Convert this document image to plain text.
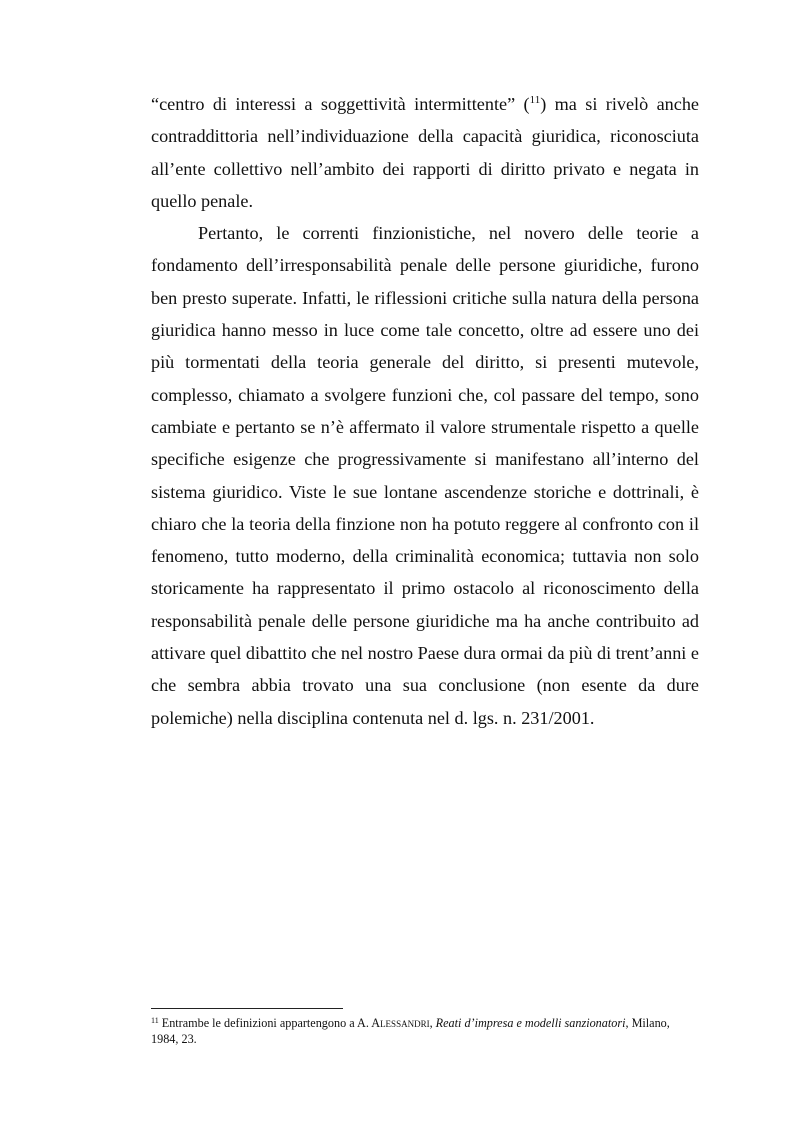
“centro di interessi a soggettività intermittente” ($^{11}$) ma si rivelò anche contraddittoria nell’individuazione della capacità giuridica, riconosciuta all’ente collettivo nell’ambito dei rapporti di diritto privato e negata in quello penale.

Pertanto, le correnti finzionistiche, nel novero delle teorie a fondamento dell’irresponsabilità penale delle persone giuridiche, furono ben presto superate. Infatti, le riflessioni critiche sulla natura della persona giuridica hanno messo in luce come tale concetto, oltre ad essere uno dei più tormentati della teoria generale del diritto, si presenti mutevole, complesso, chiamato a svolgere funzioni che, col passare del tempo, sono cambiate e pertanto se n’è affermato il valore strumentale rispetto a quelle specifiche esigenze che progressivamente si manifestano all’interno del sistema giuridico. Viste le sue lontane ascendenze storiche e dottrinali, è chiaro che la teoria della finzione non ha potuto reggere al confronto con il fenomeno, tutto moderno, della criminalità economica; tuttavia non solo storicamente ha rappresentato il primo ostacolo al riconoscimento della responsabilità penale delle persone giuridiche ma ha anche contribuito ad attivare quel dibattito che nel nostro Paese dura ormai da più di trent’anni e che sembra abbia trovato una sua conclusione (non esente da dure polemiche) nella disciplina contenuta nel d. lgs. n. 231/2001.

$^{11}$ Entrambe le definizioni appartengono a A. Alessandri, Reati d’impresa e modelli sanzionatori, Milano, 1984, 23.
